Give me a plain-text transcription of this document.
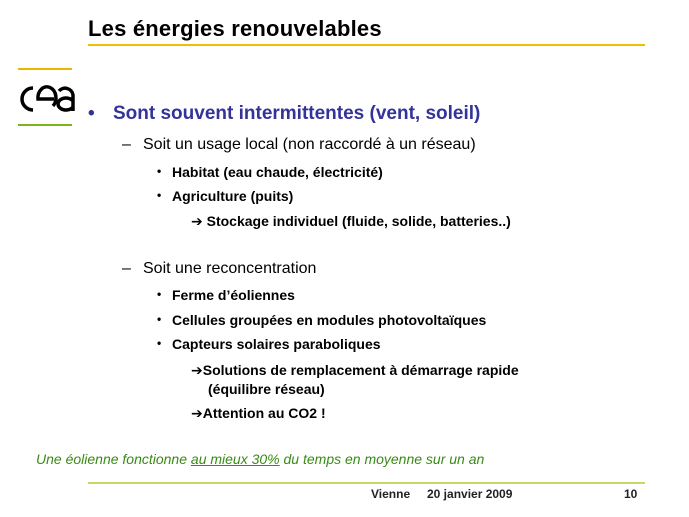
Les énergies renouvelables
• Sont souvent intermittentes (vent, soleil)
– Soit un usage local (non raccordé à un réseau)
• Habitat (eau chaude, électricité)
• Agriculture (puits)
➔ Stockage individuel (fluide, solide, batteries..)
– Soit une reconcentration
• Ferme d’éoliennes
• Cellules groupées en modules photovoltaïques
• Capteurs solaires paraboliques
➔Solutions de remplacement à démarrage rapide
(équilibre réseau)
➔Attention au CO2 !
Une éolienne fonctionne au mieux 30% du temps en moyenne sur un an
Vienne 20 janvier 2009	10
